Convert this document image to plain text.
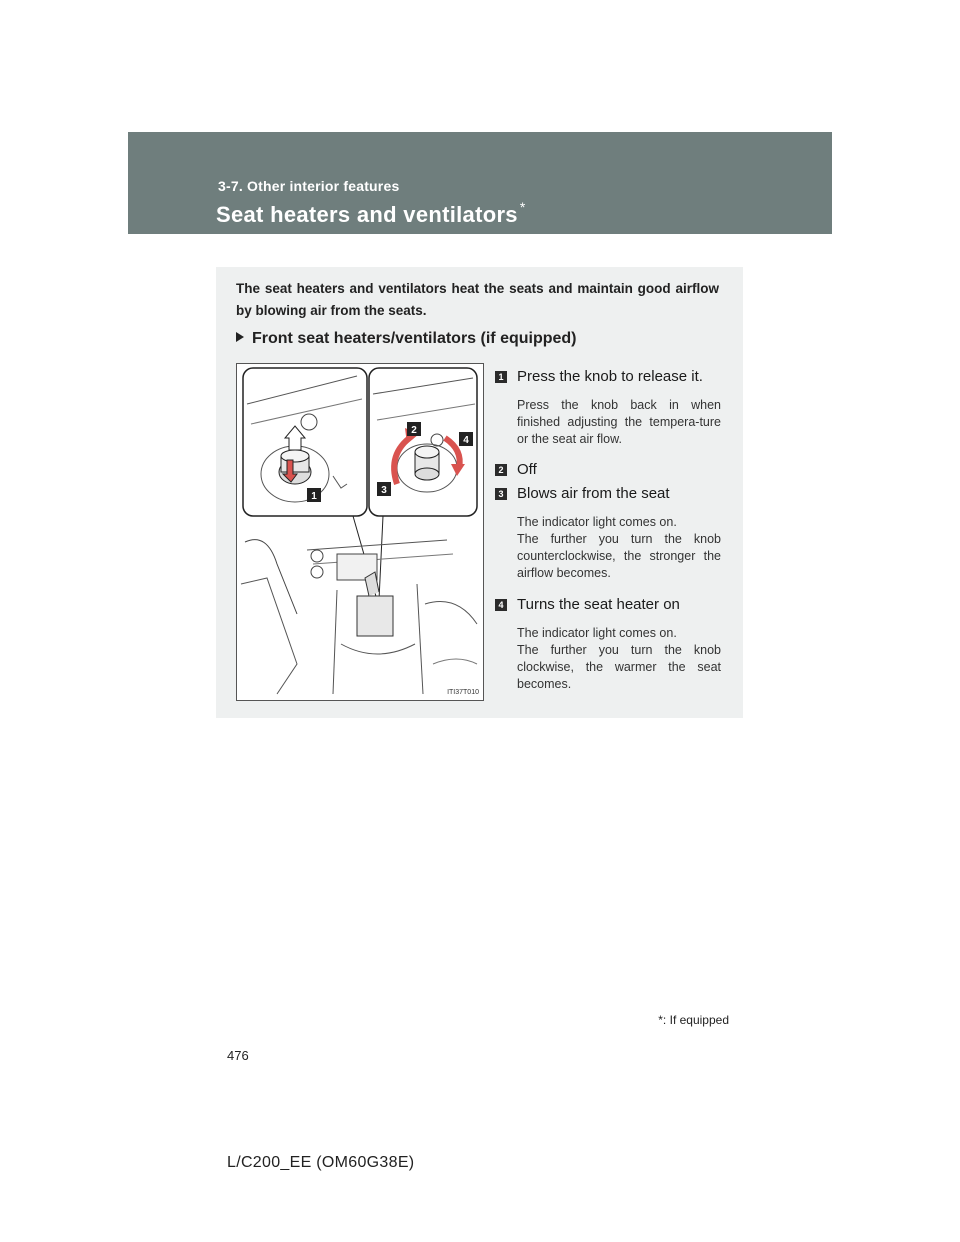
3-7. Other interior features
Seat heaters and ventilators *
The seat heaters and ventilators heat the seats and maintain good airflow by blowing air from the seats.
Front seat heaters/ventilators (if equipped)
1
2
3
4
ITI37T010
1 Press the knob to release it.
Press the knob back in when finished adjusting the tempera-ture or the seat air flow.
2 Off
3 Blows air from the seat
The indicator light comes on.
The further you turn the knob counterclockwise, the stronger the airflow becomes.
4 Turns the seat heater on
The indicator light comes on.
The further you turn the knob clockwise, the warmer the seat becomes.
*: If equipped
476
L/C200_EE (OM60G38E)
